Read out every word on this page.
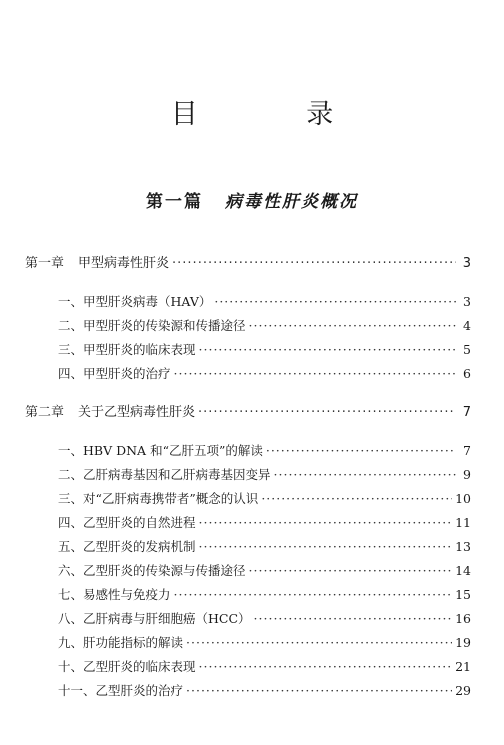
目 录
第一篇 病毒性肝炎概况
第一章 甲型病毒性肝炎 ·····	3
一、 甲型肝炎病毒（HAV） ·····	3
二、 甲型肝炎的传染源和传播途径 ·····	4
三、 甲型肝炎的临床表现 ·····	5
四、 甲型肝炎的治疗 ·····	6
第二章 关于乙型病毒性肝炎 ·····	7
一、 HBV DNA 和“乙肝五项”的解读 ·····	7
二、 乙肝病毒基因和乙肝病毒基因变异 ·····	9
三、 对“乙肝病毒携带者”概念的认识 ·····	10
四、 乙型肝炎的自然进程 ·····	11
五、 乙型肝炎的发病机制 ·····	13
六、 乙型肝炎的传染源与传播途径 ·····	14
七、 易感性与免疫力 ·····	15
八、 乙肝病毒与肝细胞癌（HCC） ·····	16
九、 肝功能指标的解读 ·····	19
十、 乙型肝炎的临床表现 ·····	21
十一、 乙型肝炎的治疗 ·····	29
